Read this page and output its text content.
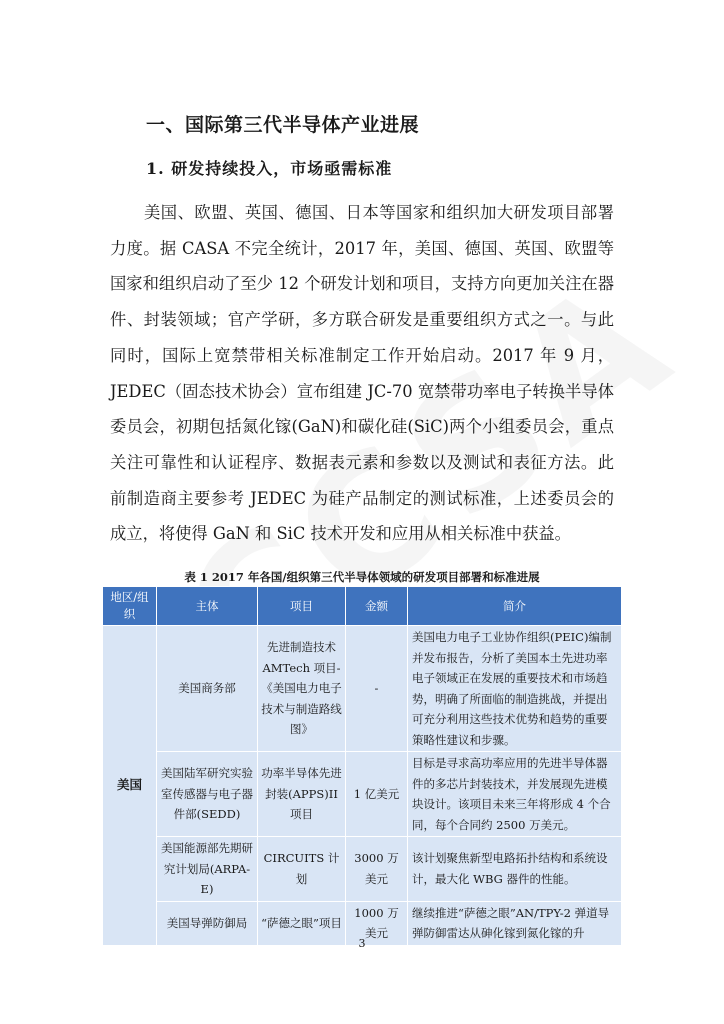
一、国际第三代半导体产业进展
1. 研发持续投入，市场亟需标准

美国、欧盟、英国、德国、日本等国家和组织加大研发项目部署力度。据 CASA 不完全统计，2017 年，美国、德国、英国、欧盟等国家和组织启动了至少 12 个研发计划和项目，支持方向更加关注在器件、封装领域；官产学研，多方联合研发是重要组织方式之一。与此同时，国际上宽禁带相关标准制定工作开始启动。2017 年 9 月，JEDEC（固态技术协会）宣布组建 JC-70 宽禁带功率电子转换半导体委员会，初期包括氮化镓(GaN)和碳化硅(SiC)两个小组委员会，重点关注可靠性和认证程序、数据表元素和参数以及测试和表征方法。此前制造商主要参考 JEDEC 为硅产品制定的测试标准，上述委员会的成立，将使得 GaN 和 SiC 技术开发和应用从相关标准中获益。

表 1 2017 年各国/组织第三代半导体领域的研发项目部署和标准进展
地区/组织	主体	项目	金额	简介
美国	美国商务部	先进制造技术 AMTech 项目-《美国电力电子技术与制造路线图》	-	美国电力电子工业协作组织(PEIC)编制并发布报告，分析了美国本土先进功率电子领域正在发展的重要技术和市场趋势，明确了所面临的制造挑战，并提出可充分利用这些技术优势和趋势的重要策略性建议和步骤。
	美国陆军研究实验室传感器与电子器件部(SEDD)	功率半导体先进封装(APPS)II 项目	1 亿美元	目标是寻求高功率应用的先进半导体器件的多芯片封装技术，并发展现先进模块设计。该项目未来三年将形成 4 个合同，每个合同约 2500 万美元。
	美国能源部先期研究计划局(ARPA-E)	CIRCUITS 计划	3000 万美元	该计划聚焦新型电路拓扑结构和系统设计，最大化 WBG 器件的性能。
	美国导弹防御局	“萨德之眼”项目	1000 万美元	继续推进“萨德之眼”AN/TPY-2 弹道导弹防御雷达从砷化镓到氮化镓的升
3
